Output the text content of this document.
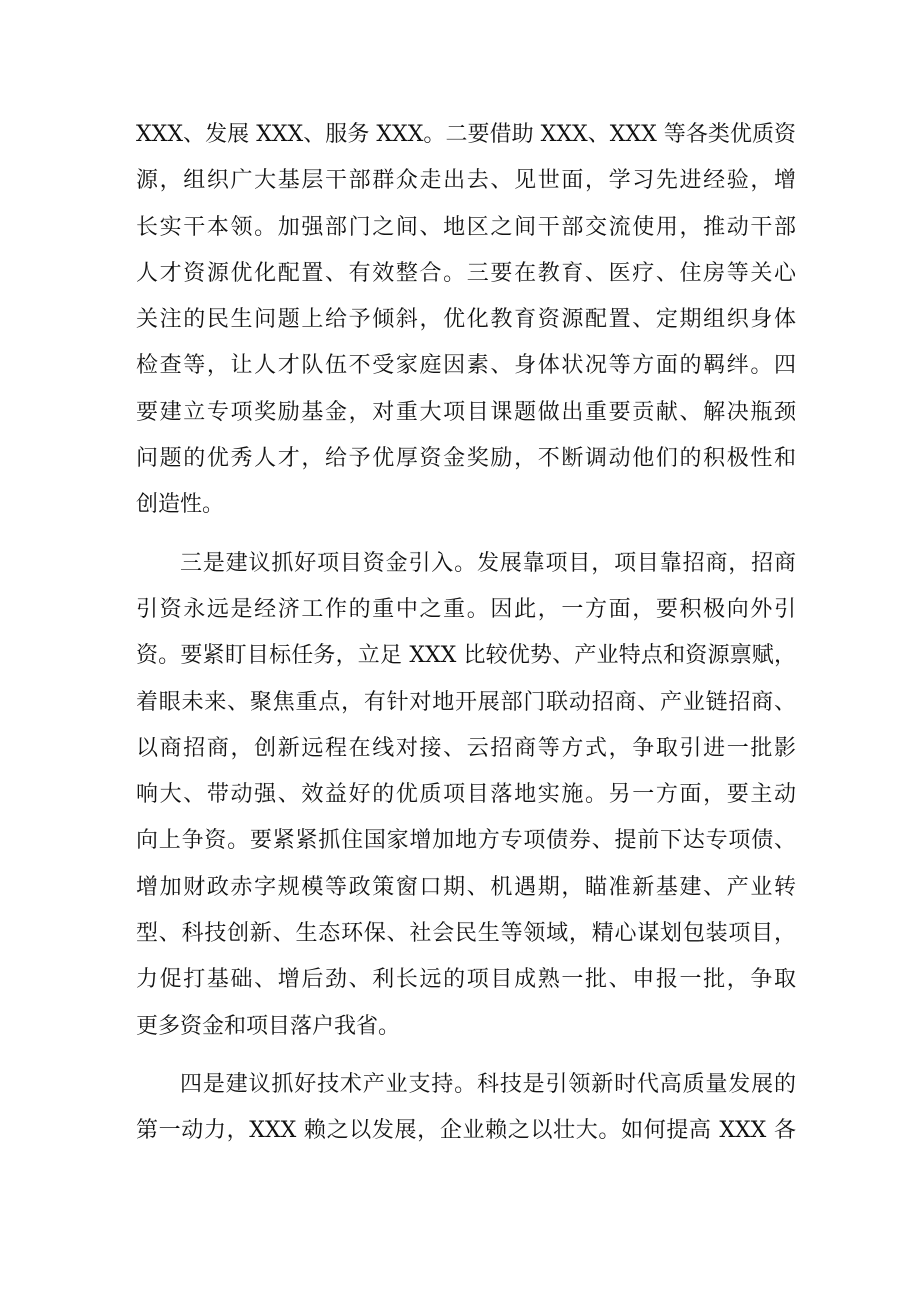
XXX、发展 XXX、服务 XXX。二要借助 XXX、XXX 等各类优质资
源，组织广大基层干部群众走出去、见世面，学习先进经验，增
长实干本领。加强部门之间、地区之间干部交流使用，推动干部
人才资源优化配置、有效整合。三要在教育、医疗、住房等关心
关注的民生问题上给予倾斜，优化教育资源配置、定期组织身体
检查等，让人才队伍不受家庭因素、身体状况等方面的羁绊。四
要建立专项奖励基金，对重大项目课题做出重要贡献、解决瓶颈
问题的优秀人才，给予优厚资金奖励，不断调动他们的积极性和
创造性。
三是建议抓好项目资金引入。发展靠项目，项目靠招商，招商
引资永远是经济工作的重中之重。因此，一方面，要积极向外引
资。要紧盯目标任务，立足 XXX 比较优势、产业特点和资源禀赋，
着眼未来、聚焦重点，有针对地开展部门联动招商、产业链招商、
以商招商，创新远程在线对接、云招商等方式，争取引进一批影
响大、带动强、效益好的优质项目落地实施。另一方面，要主动
向上争资。要紧紧抓住国家增加地方专项债券、提前下达专项债、
增加财政赤字规模等政策窗口期、机遇期，瞄准新基建、产业转
型、科技创新、生态环保、社会民生等领域，精心谋划包装项目，
力促打基础、增后劲、利长远的项目成熟一批、申报一批，争取
更多资金和项目落户我省。
四是建议抓好技术产业支持。科技是引领新时代高质量发展的
第一动力，XXX 赖之以发展，企业赖之以壮大。如何提高 XXX 各
